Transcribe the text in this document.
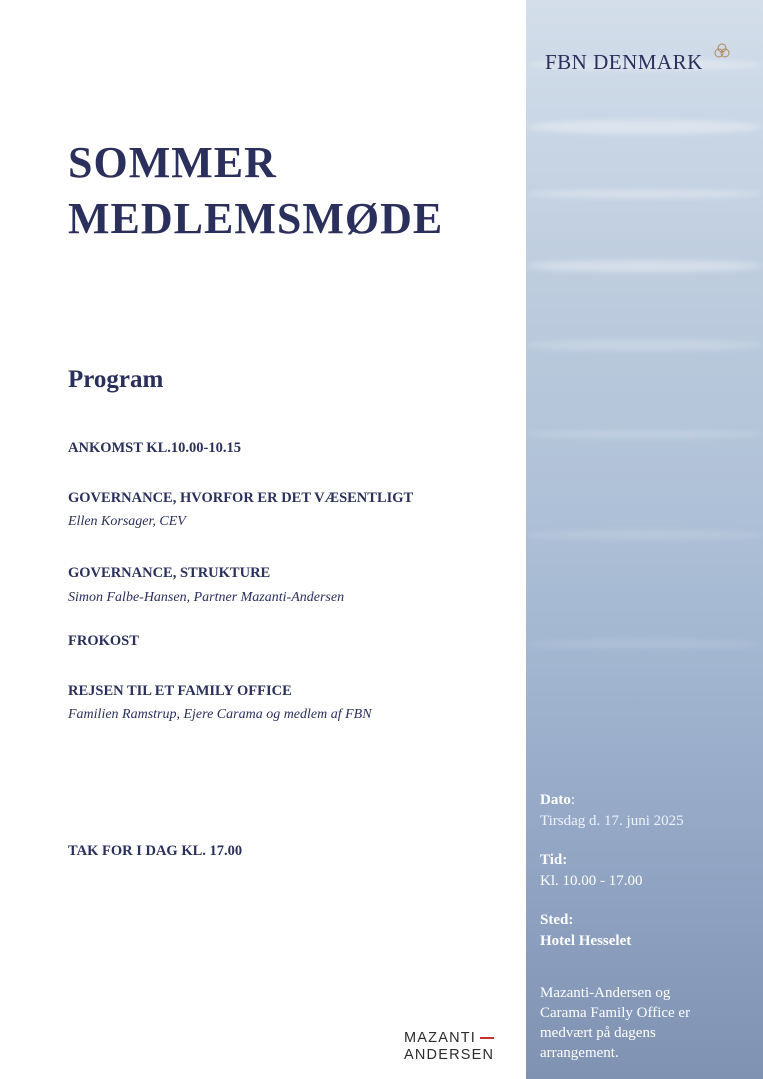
SOMMER
MEDLEMSMØDE
Program

ANKOMST KL.10.00-10.15

GOVERNANCE, HVORFOR ER DET VÆSENTLIGT

Ellen Korsager, CEV

GOVERNANCE, STRUKTURE

Simon Falbe-Hansen, Partner Mazanti-Andersen

FROKOST

REJSEN TIL ET FAMILY OFFICE

Familien Ramstrup, Ejere Carama og medlem af FBN

TAK FOR I DAG KL. 17.00

MAZANTI
ANDERSEN
FBN DENMARK
Dato:
Tirsdag d. 17. juni 2025
Tid:
Kl. 10.00 - 17.00
Sted:
Hotel Hesselet
Mazanti-Andersen og
Carama Family Office er
medvært på dagens
arrangement.
